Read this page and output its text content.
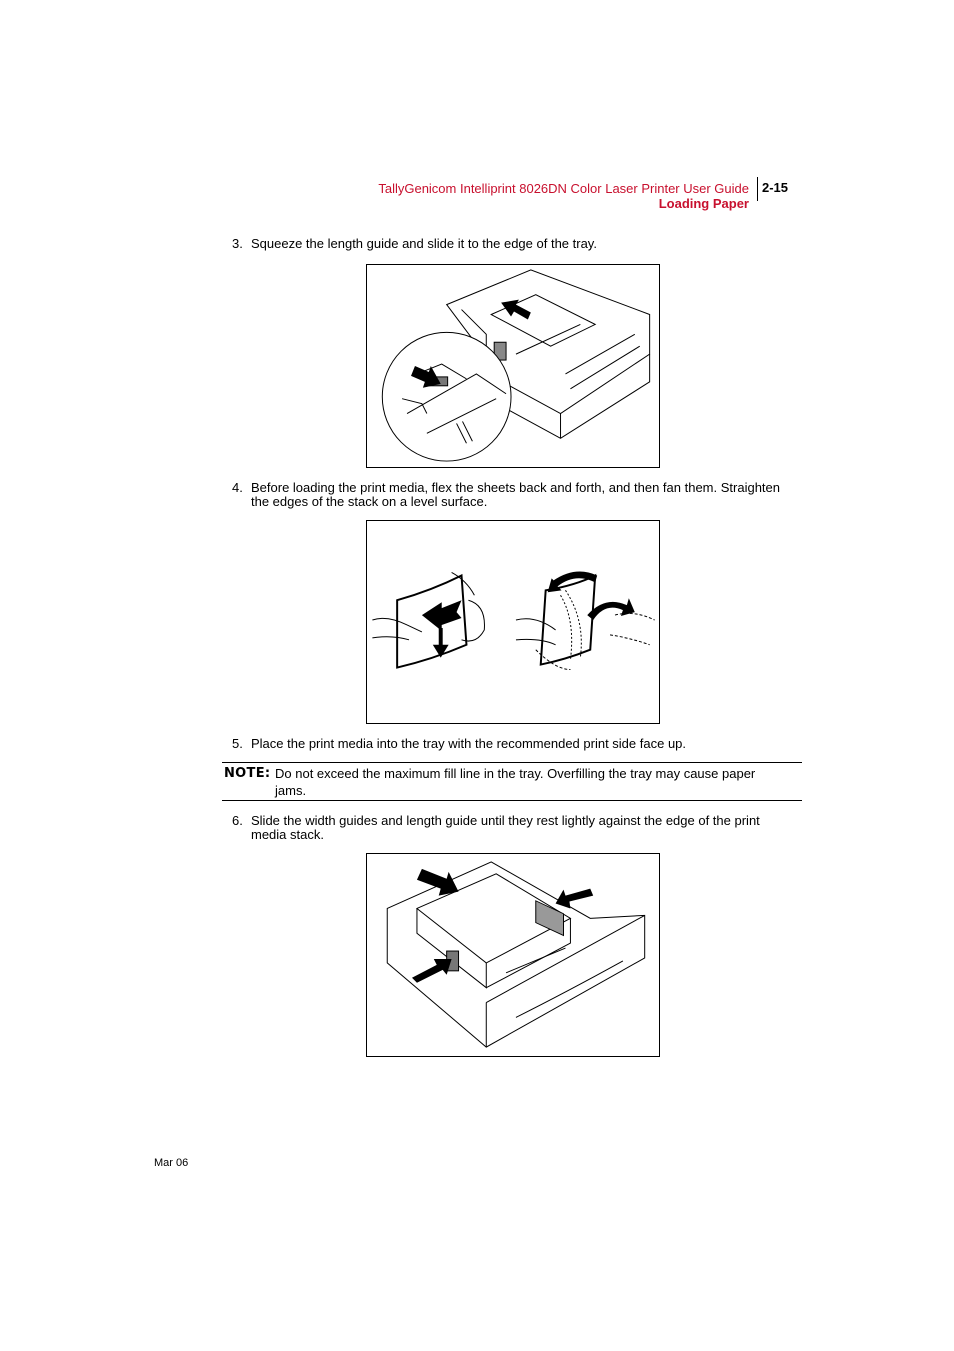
TallyGenicom Intelliprint 8026DN Color Laser Printer User Guide
Loading Paper
2-15
3. Squeeze the length guide and slide it to the edge of the tray.
4. Before loading the print media, flex the sheets back and forth, and then fan them. Straighten the edges of the stack on a level surface.
5. Place the print media into the tray with the recommended print side face up.
NOTE: Do not exceed the maximum fill line in the tray. Overfilling the tray may cause paper jams.
6. Slide the width guides and length guide until they rest lightly against the edge of the print media stack.
Mar 06
